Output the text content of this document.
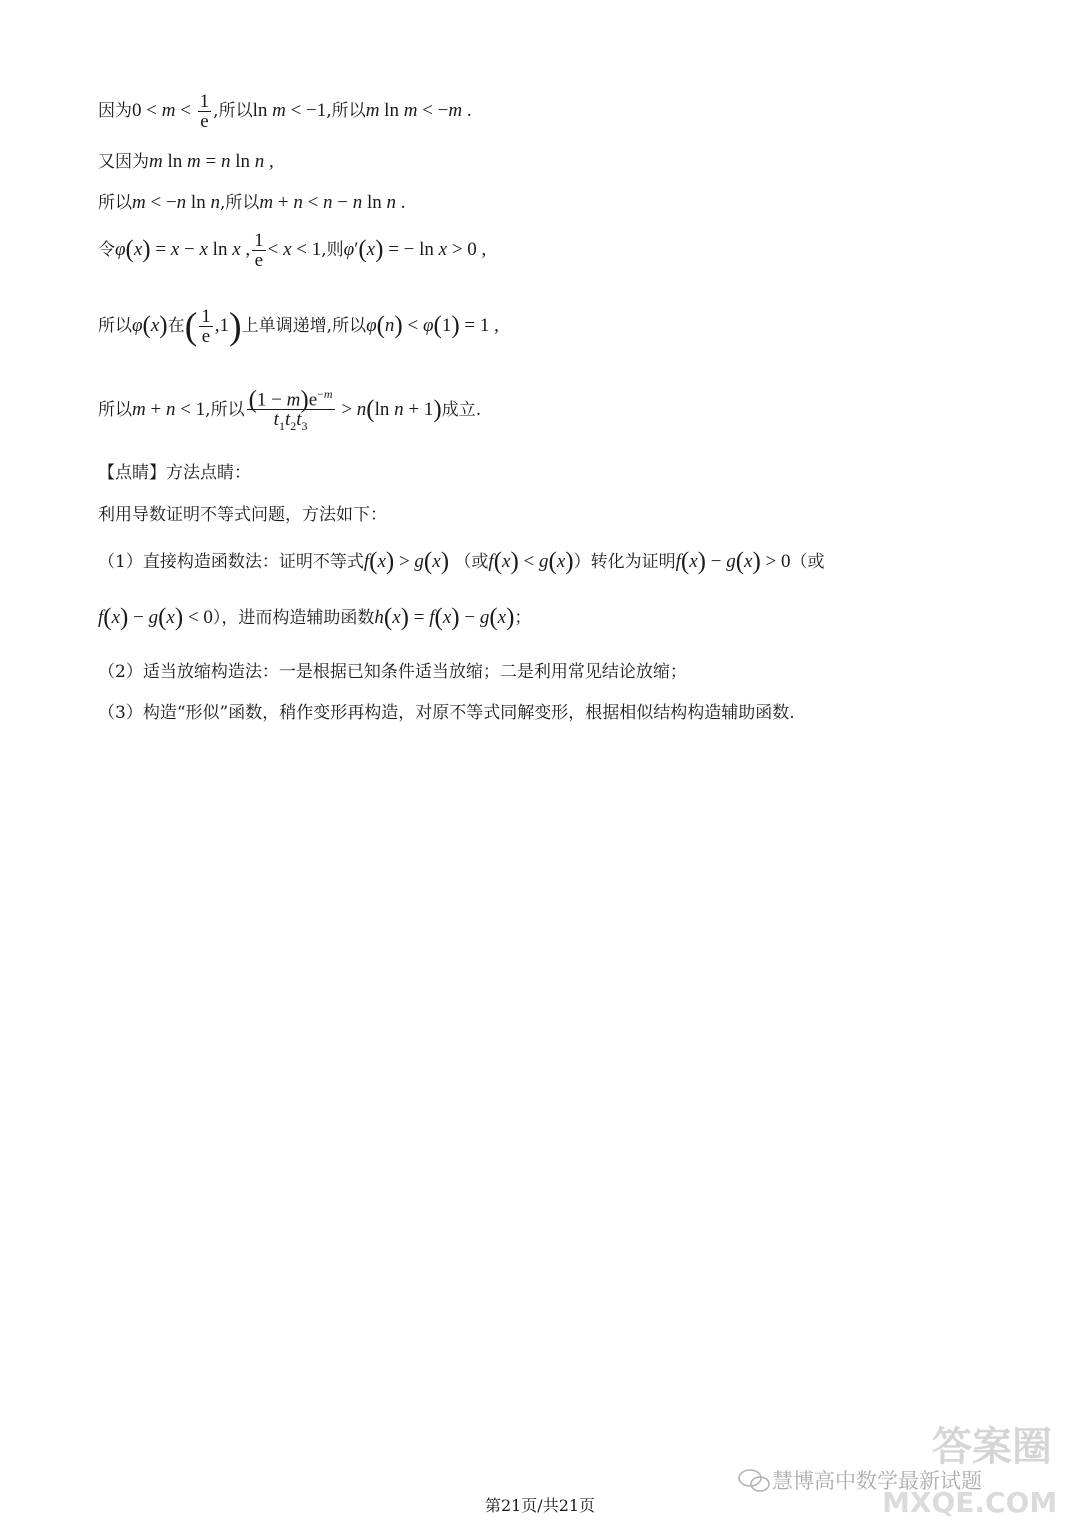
因为$0 < m < \frac{1}{e}$ ,所以ln m < −1,所以m ln m < −m .
又因为m ln m = n ln n ,
所以m < −n ln n,所以m + n < n − n ln n .
令φ(x) = x − x ln x , $\frac{1}{e} < x < 1$,则φ′(x) = − ln x > 0 ,
所以φ(x)在( $\frac{1}{e} ,1$)上单调递增,所以φ(n) < φ(1) = 1 ,
所以m + n < 1,所以 $\frac{(1 - m)e^{-m}}{t_1t_2t_3} > n(\ln$ n + 1)成立.
【点睛】方法点睛：
利用导数证明不等式问题，方法如下：
（1）直接构造函数法：证明不等式f(x) > g(x) （或f(x) < g(x)）转化为证明f(x) − g(x) > 0（或
f(x) − g(x) < 0），进而构造辅助函数h(x) = f(x) − g(x)；
（2）适当放缩构造法：一是根据已知条件适当放缩；二是利用常见结论放缩；
（3）构造“形似”函数，稍作变形再构造，对原不等式同解变形，根据相似结构构造辅助函数.
答案圈
MXQE.COM
慧博高中数学最新试题
第21页/共21页
